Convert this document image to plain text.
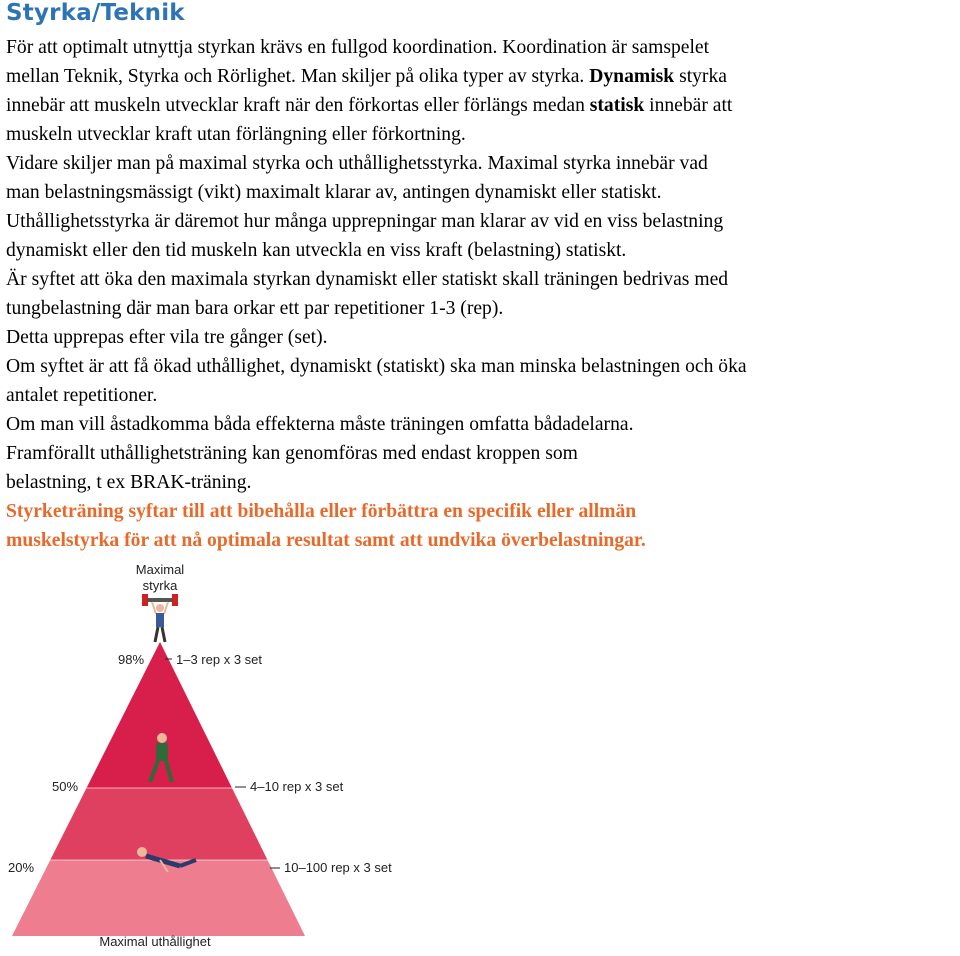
Styrka/Teknik
För att optimalt utnyttja styrkan krävs en fullgod koordination. Koordination är samspelet
mellan Teknik, Styrka och Rörlighet. Man skiljer på olika typer av styrka. Dynamisk styrka
innebär att muskeln utvecklar kraft när den förkortas eller förlängs medan statisk innebär att
muskeln utvecklar kraft utan förlängning eller förkortning.
Vidare skiljer man på maximal styrka och uthållighetsstyrka. Maximal styrka innebär vad
man belastningsmässigt (vikt) maximalt klarar av, antingen dynamiskt eller statiskt.
Uthållighetsstyrka är däremot hur många upprepningar man klarar av vid en viss belastning
dynamiskt eller den tid muskeln kan utveckla en viss kraft (belastning) statiskt.
Är syftet att öka den maximala styrkan dynamiskt eller statiskt skall träningen bedrivas med
tungbelastning där man bara orkar ett par repetitioner 1-3 (rep).
Detta upprepas efter vila tre gånger (set).
Om syftet är att få ökad uthållighet, dynamiskt (statiskt) ska man minska belastningen och öka
antalet repetitioner.
Om man vill åstadkomma båda effekterna måste träningen omfatta bådadelarna.
Framförallt uthållighetsträning kan genomföras med endast kroppen som
belastning, t ex BRAK-träning.
Styrketräning syftar till att bibehålla eller förbättra en specifik eller allmän
muskelstyrka för att nå optimala resultat samt att undvika överbelastningar.
Maximal
styrka
98% 1–3 rep x 3 set
50%	4–10 rep x 3 set
20%	10–100 rep x 3 set
Maximal uthållighet
